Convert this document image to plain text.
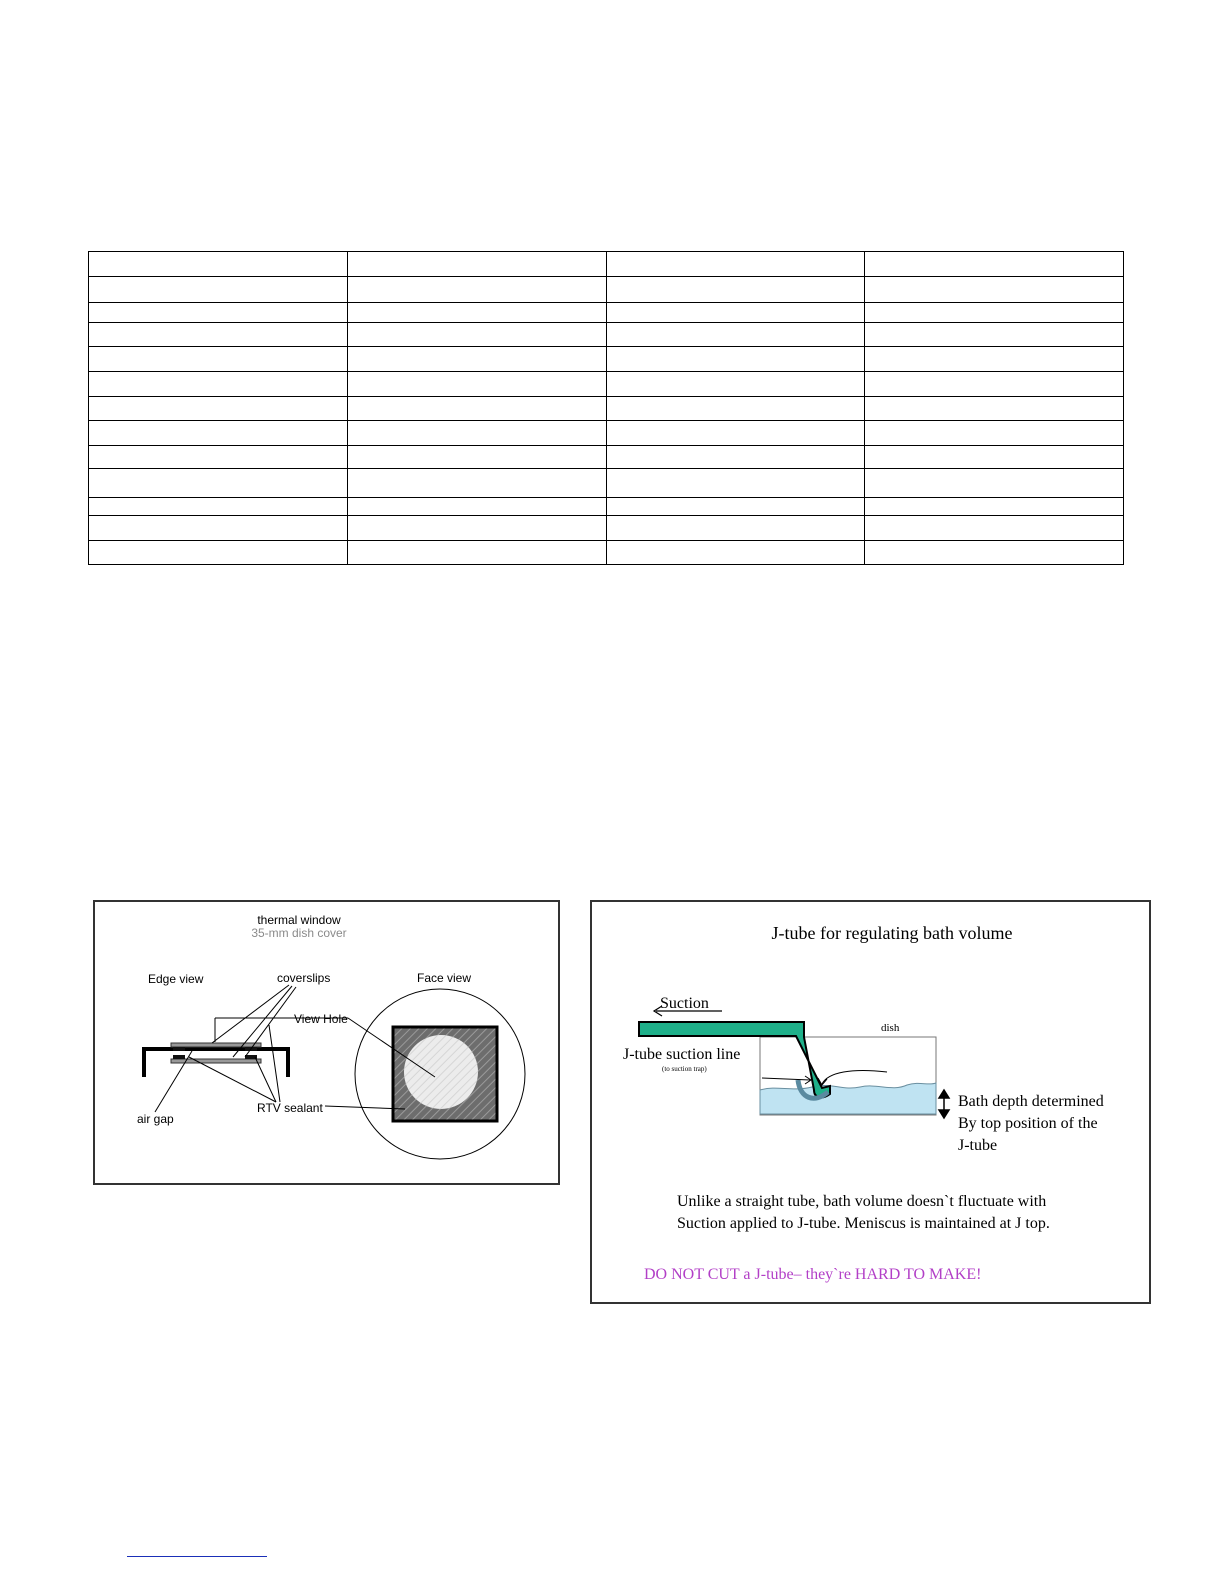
thermal window
35-mm dish cover
Edge view	coverslips	Face view
View Hole
air gap
RTV sealant
J-tube for regulating bath volume
Suction
dish
J-tube suction line
(to suction trap)
Bath depth determined
By top position of the
J-tube
Unlike a straight tube, bath volume doesn`t fluctuate with
Suction applied to J-tube. Meniscus is maintained at J top.
DO NOT CUT a J-tube– they`re HARD TO MAKE!
